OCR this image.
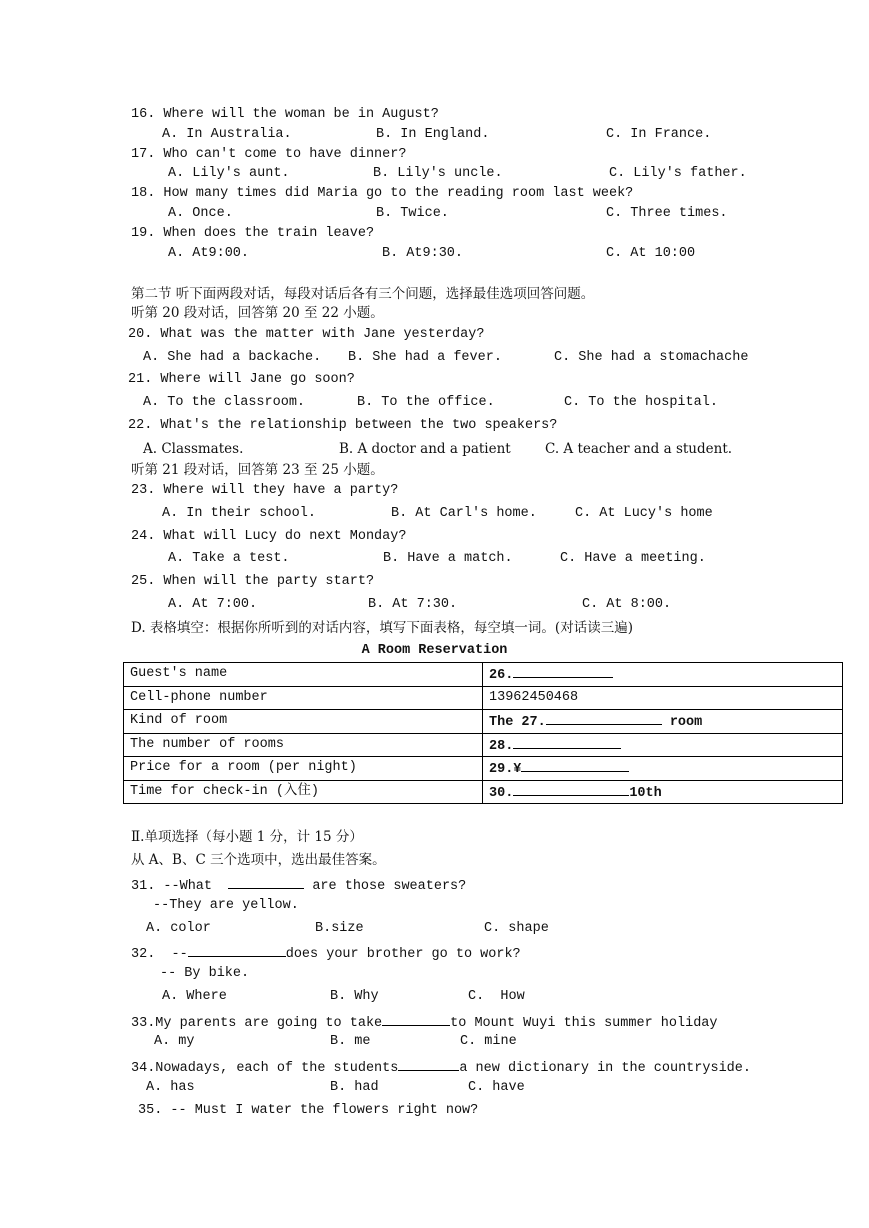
16. Where will the woman be in August?
A. In Australia.	B. In England.	C. In France.
17. Who can't come to have dinner?
A. Lily's aunt.	B. Lily's uncle.	C. Lily's father.
18. How many times did Maria go to the reading room last week?
A. Once.	B. Twice.	C. Three times.
19. When does the train leave?
A. At9:00.	B. At9:30.	C. At 10:00
第二节 听下面两段对话，每段对话后各有三个问题，选择最佳选项回答问题。
听第 20 段对话，回答第 20 至 22 小题。
20. What was the matter with Jane yesterday?
A. She had a backache. B. She had a fever.	C. She had a stomachache
21. Where will Jane go soon?
A. To the classroom.	B. To the office.	C. To the hospital.
22. What's the relationship between the two speakers?
A. Classmates.	B. A doctor and a patient	C. A teacher and a student.
听第 21 段对话，回答第 23 至 25 小题。
23. Where will they have a party?
A. In their school.	B. At Carl's home.	C. At Lucy's home
24. What will Lucy do next Monday?
A. Take a test.	B. Have a match.	C. Have a meeting.
25. When will the party start?
A. At 7:00.	B. At 7:30.	C. At 8:00.
D. 表格填空：根据你所听到的对话内容，填写下面表格，每空填一词。(对话读三遍)
A Room Reservation
Guest's name	26.
Cell-phone number	13962450468
Kind of room	The 27. room
The number of rooms	28.
Price for a room (per night)	29.¥
Time for check-in (入住)	30. 10th
Ⅱ.单项选择（每小题 1 分，计 15 分）
从 A、B、C 三个选项中，选出最佳答案。
31. --What	are those sweaters?
--They are yellow.
A. color	B.size	C. shape
32.  --	does your brother go to work?
-- By bike.
A. Where	B. Why	C.  How
33.My parents are going to take	to Mount Wuyi this summer holiday
A. my	B. me	C. mine
34.Nowadays, each of the students	a new dictionary in the countryside.
A. has	B. had	C. have
35. -- Must I water the flowers right now?
